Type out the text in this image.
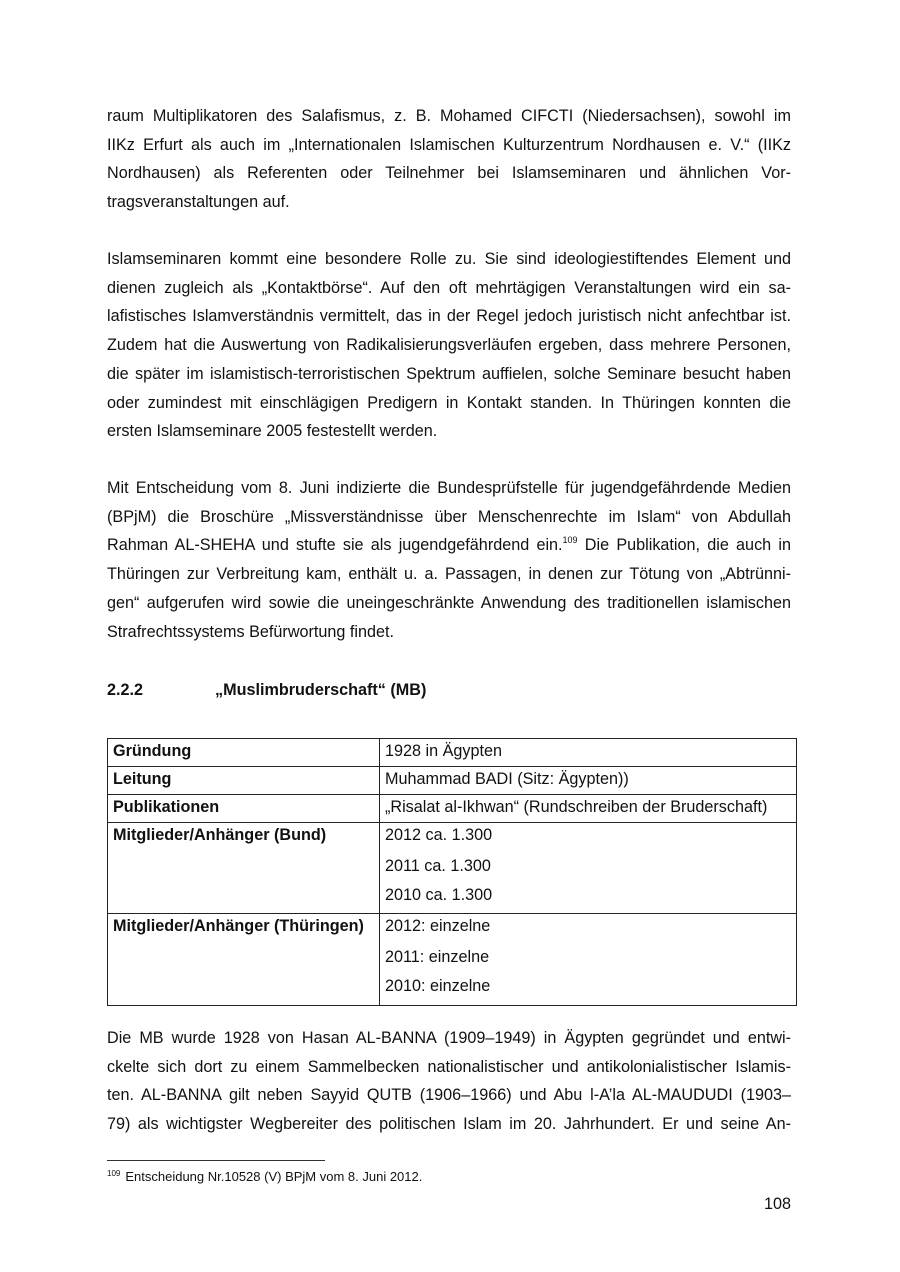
raum Multiplikatoren des Salafismus, z. B. Mohamed CIFCTI (Niedersachsen), sowohl im
IIKz Erfurt als auch im „Internationalen Islamischen Kulturzentrum Nordhausen e. V.“ (IIKz
Nordhausen) als Referenten oder Teilnehmer bei Islamseminaren und ähnlichen Vor-
tragsveranstaltungen auf.
Islamseminaren kommt eine besondere Rolle zu. Sie sind ideologiestiftendes Element und
dienen zugleich als „Kontaktbörse“. Auf den oft mehrtägigen Veranstaltungen wird ein sa-
lafistisches Islamverständnis vermittelt, das in der Regel jedoch juristisch nicht anfechtbar ist.
Zudem hat die Auswertung von Radikalisierungsverläufen ergeben, dass mehrere Personen,
die später im islamistisch-terroristischen Spektrum auffielen, solche Seminare besucht haben
oder zumindest mit einschlägigen Predigern in Kontakt standen. In Thüringen konnten die
ersten Islamseminare 2005 festestellt werden.
Mit Entscheidung vom 8. Juni indizierte die Bundesprüfstelle für jugendgefährdende Medien
(BPjM) die Broschüre „Missverständnisse über Menschenrechte im Islam“ von Abdullah
Rahman AL-SHEHA und stufte sie als jugendgefährdend ein.$^{109}$ Die Publikation, die auch in
Thüringen zur Verbreitung kam, enthält u. a. Passagen, in denen zur Tötung von „Abtrünni-
gen“ aufgerufen wird sowie die uneingeschränkte Anwendung des traditionellen islamischen
Strafrechtssystems Befürwortung findet.
2.2.2	„Muslimbruderschaft“ (MB)
Gründung	1928 in Ägypten

Leitung	Muhammad BADI (Sitz: Ägypten))

Publikationen	„Risalat al-Ikhwan“ (Rundschreiben der Bruderschaft)

Mitglieder/Anhänger (Bund)	2012 ca. 1.300
2011 ca. 1.300
2010 ca. 1.300

Mitglieder/Anhänger (Thüringen)	2012: einzelne
2011: einzelne
2010: einzelne
Die MB wurde 1928 von Hasan AL-BANNA (1909–1949) in Ägypten gegründet und entwi-
ckelte sich dort zu einem Sammelbecken nationalistischer und antikolonialistischer Islamis-
ten. AL-BANNA gilt neben Sayyid QUTB (1906–1966) und Abu l-A’la AL-MAUDUDI (1903–
79) als wichtigster Wegbereiter des politischen Islam im 20. Jahrhundert. Er und seine An-
$^{109}$ Entscheidung Nr.10528 (V) BPjM vom 8. Juni 2012.
108
